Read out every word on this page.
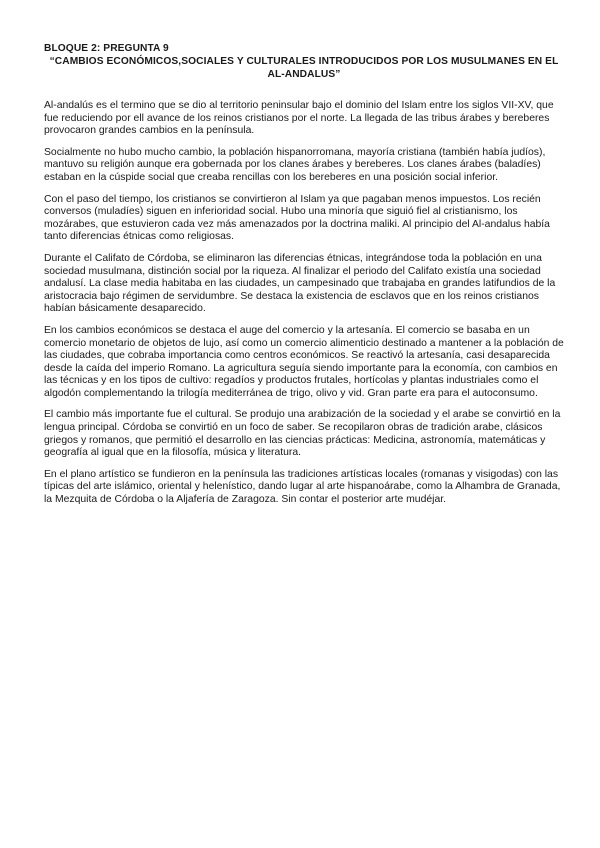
BLOQUE 2: PREGUNTA 9
“CAMBIOS ECONÓMICOS,SOCIALES Y CULTURALES INTRODUCIDOS POR LOS MUSULMANES EN EL AL-ANDALUS”

Al-andalús es el termino que se dio al territorio peninsular bajo el dominio del Islam entre los siglos VII-XV, que fue reduciendo por ell avance de los reinos cristianos por el norte. La llegada de las tribus árabes y bereberes provocaron grandes cambios en la península.

Socialmente no hubo mucho cambio, la población hispanorromana, mayoría cristiana (también había judíos), mantuvo su religión aunque era gobernada por los clanes árabes y bereberes. Los clanes árabes (baladíes) estaban en la cúspide social que creaba rencillas con los bereberes en una posición social inferior.

Con el paso del tiempo, los cristianos se convirtieron al Islam ya que pagaban menos impuestos. Los recién conversos (muladíes) siguen en inferioridad social. Hubo una minoría que siguió fiel al cristianismo, los mozárabes, que estuvieron cada vez más amenazados por la doctrina maliki. Al principio del Al-andalus había tanto diferencias étnicas como religiosas.

Durante el Califato de Córdoba, se eliminaron las diferencias étnicas, integrándose toda la población en una sociedad musulmana, distinción social por la riqueza. Al finalizar el periodo del Califato existía una sociedad andalusí. La clase media habitaba en las ciudades, un campesinado que trabajaba en grandes latifundios de la aristocracia bajo régimen de servidumbre. Se destaca la existencia de esclavos que en los reinos cristianos habían básicamente desaparecido.

En los cambios económicos se destaca el auge del comercio y la artesanía. El comercio se basaba en un comercio monetario de objetos de lujo, así como un comercio alimenticio destinado a mantener a la población de las ciudades, que cobraba importancia como centros económicos. Se reactivó la artesanía, casi desaparecida desde la caída del imperio Romano. La agricultura seguía siendo importante para la economía, con cambios en las técnicas y en los tipos de cultivo: regadíos y productos frutales, hortícolas y plantas industriales como el algodón complementando la trilogía mediterránea de trigo, olivo y vid. Gran parte era para el autoconsumo.

El cambio más importante fue el cultural. Se produjo una arabización de la sociedad y el arabe se convirtió en la lengua principal. Córdoba se convirtió en un foco de saber. Se recopilaron obras de tradición arabe, clásicos griegos y romanos, que permitió el desarrollo en las ciencias prácticas: Medicina, astronomía, matemáticas y geografía al igual que en la filosofía, música y literatura.

En el plano artístico se fundieron en la península las tradiciones artísticas locales (romanas y visigodas) con las típicas del arte islámico, oriental y helenístico, dando lugar al arte hispanoárabe, como la Alhambra de Granada, la Mezquita de Córdoba o la Aljafería de Zaragoza. Sin contar el posterior arte mudéjar.
